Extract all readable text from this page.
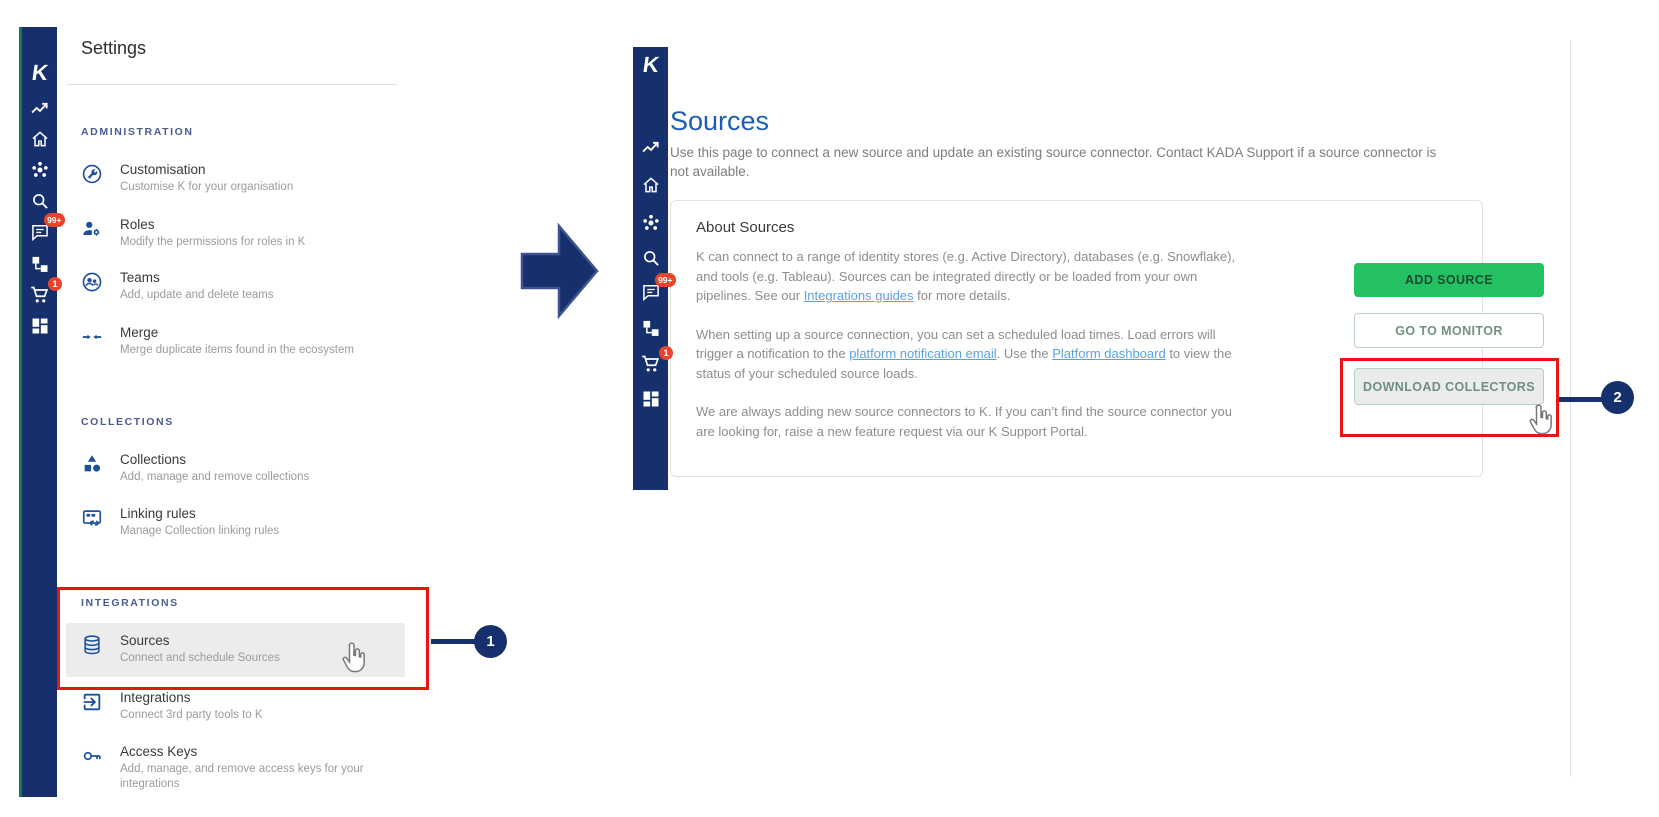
K
99+
1
Settings
ADMINISTRATION
Customisation
Customise K for your organisation
Roles
Modify the permissions for roles in K
Teams
Add, update and delete teams
Merge
Merge duplicate items found in the ecosystem
COLLECTIONS
Collections
Add, manage and remove collections
Linking rules
Manage Collection linking rules
INTEGRATIONS
Sources
Connect and schedule Sources
Integrations
Connect 3rd party tools to K
Access Keys
Add, manage, and remove access keys for your integrations
K
99+
1
Sources
Use this page to connect a new source and update an existing source connector. Contact KADA Support if a source connector is not available.
About Sources

K can connect to a range of identity stores (e.g. Active Directory), databases (e.g. Snowflake), and tools (e.g. Tableau). Sources can be integrated directly or be loaded from your own pipelines. See our Integrations guides for more details.

When setting up a source connection, you can set a scheduled load times. Load errors will trigger a notification to the platform notification email. Use the Platform dashboard to view the status of your scheduled source loads.

We are always adding new source connectors to K. If you can’t find the source connector you are looking for, raise a new feature request via our K Support Portal.

ADD SOURCE
GO TO MONITOR
DOWNLOAD COLLECTORS
1
2
